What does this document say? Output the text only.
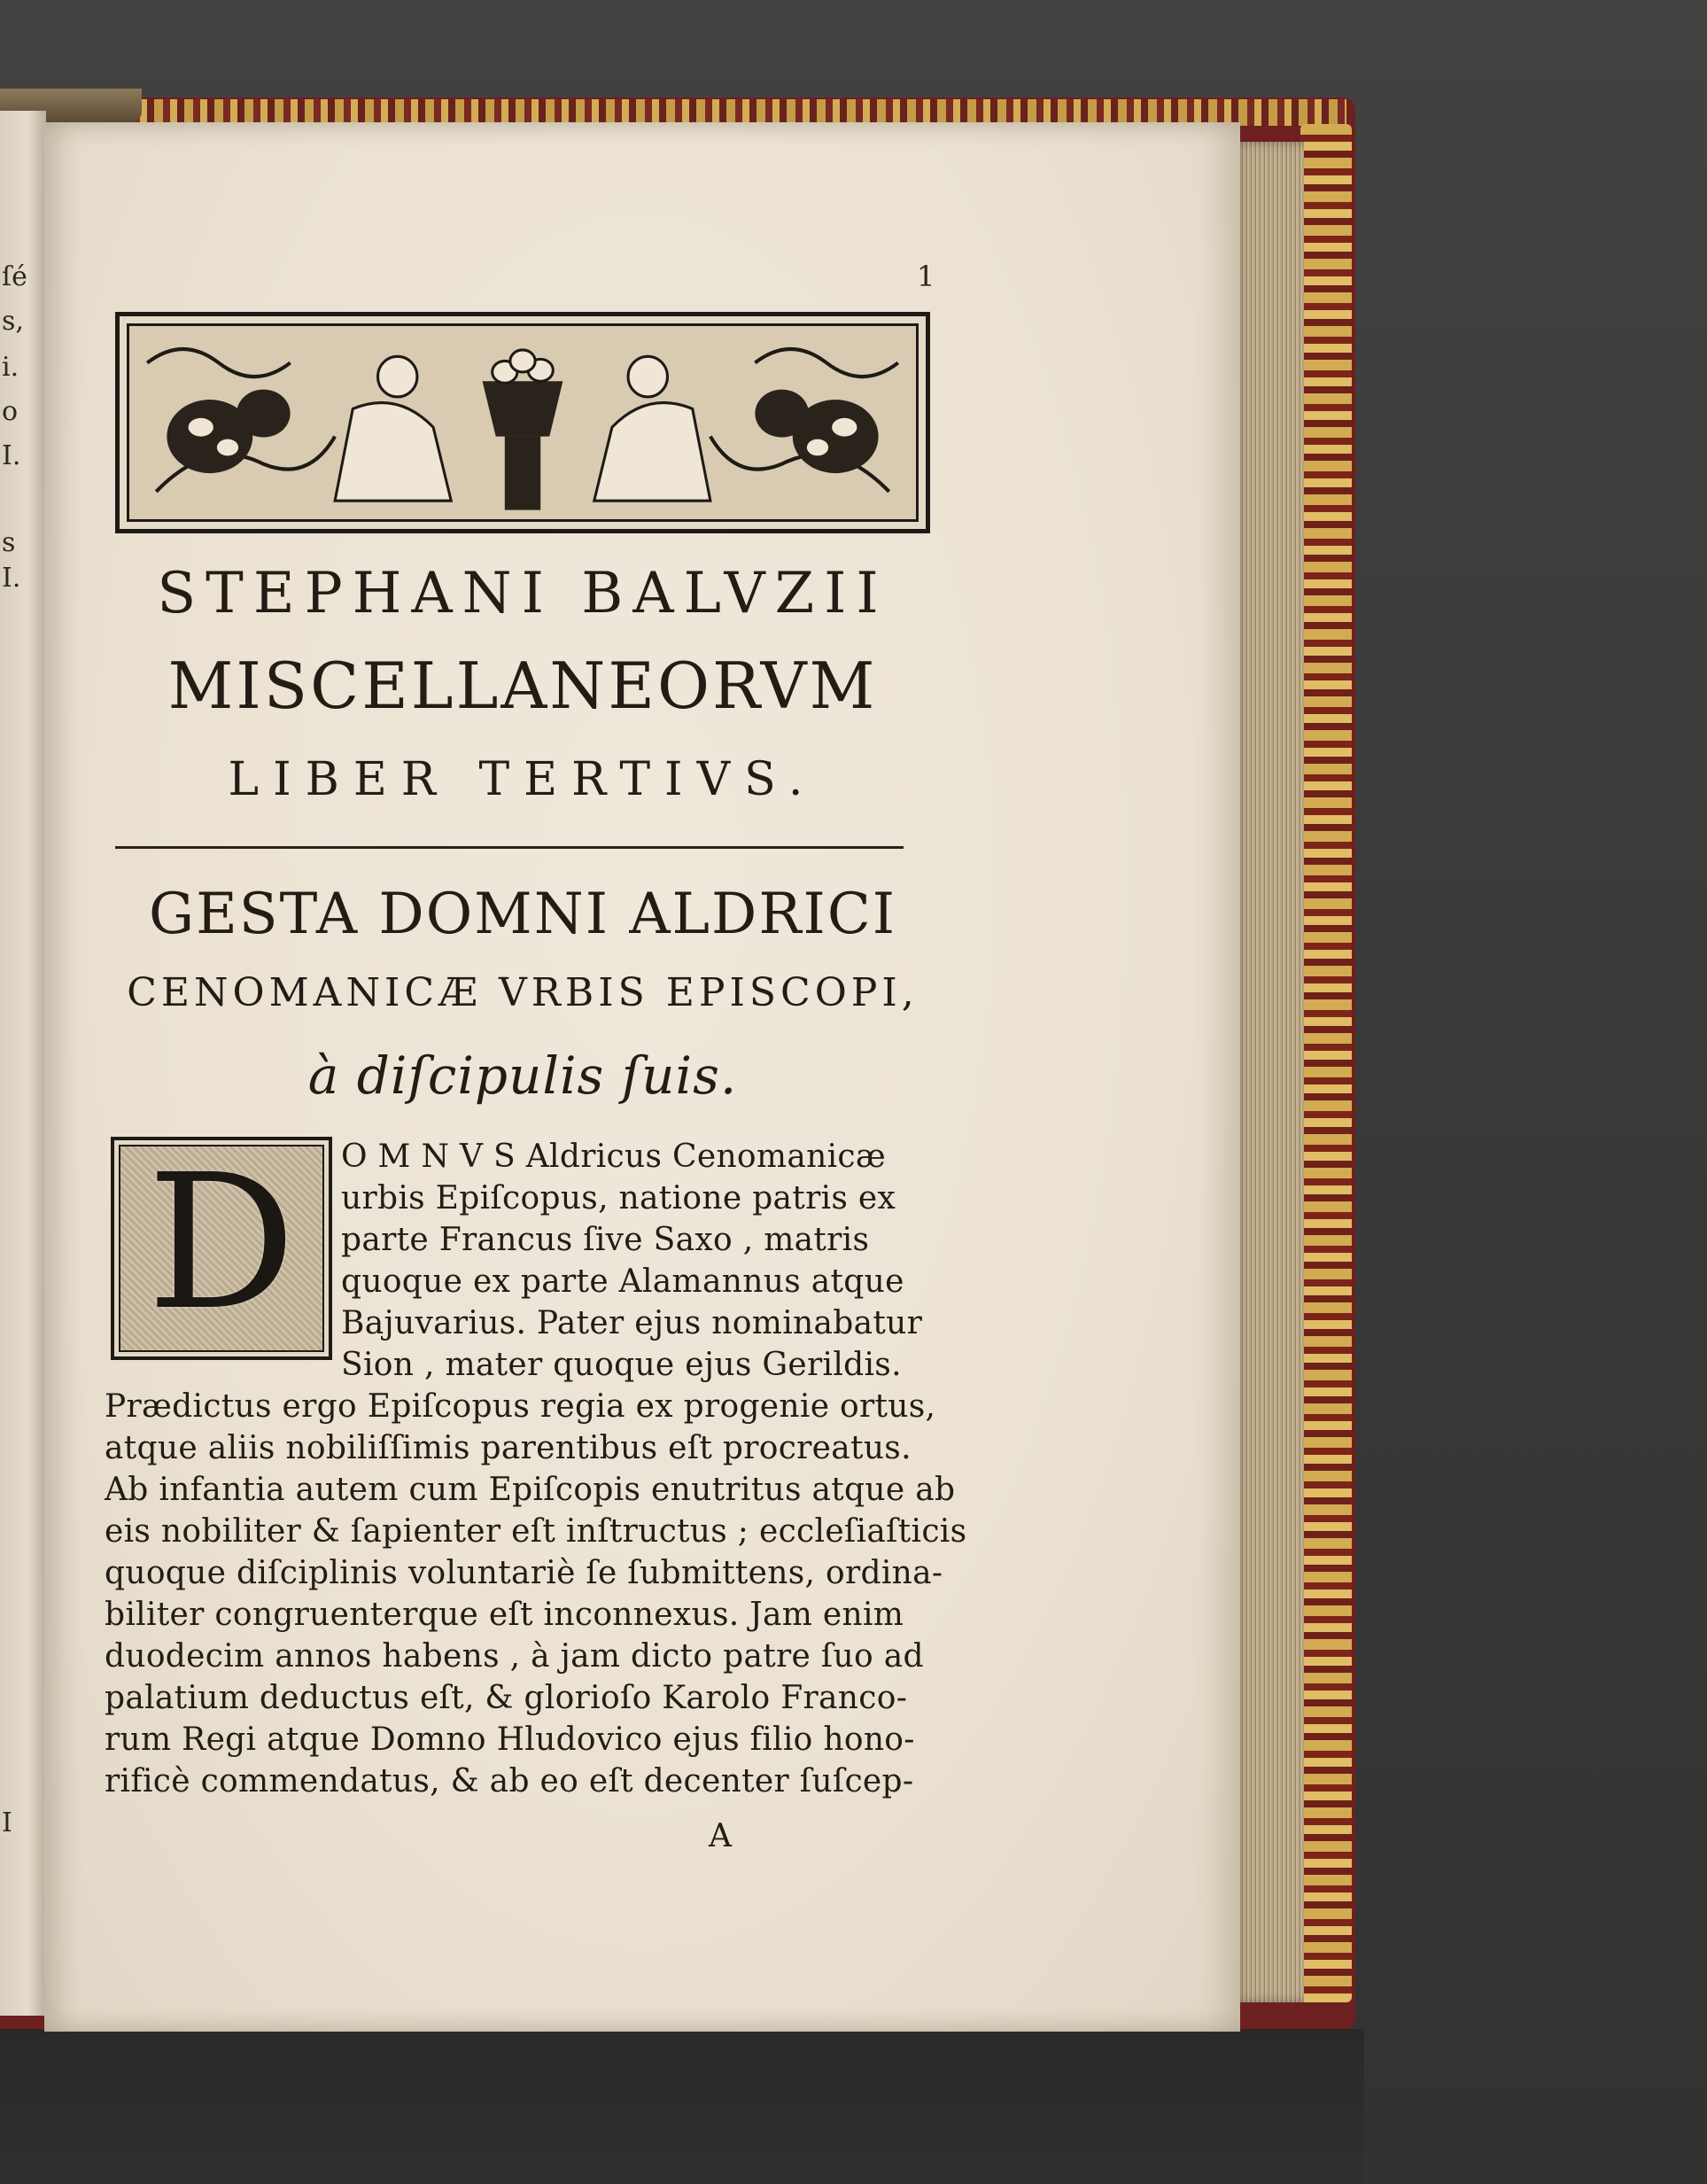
ſé
s,
i.
o
I.
s
I.
I
1
STEPHANI BALVZII
MISCELLANEORVM
LIBER TERTIVS.
GESTA DOMNI ALDRICI
CENOMANICÆ VRBIS EPISCOPI,
à diſcipulis ſuis.
D	O M N V S Aldricus Cenomanicæ
urbis Epiſcopus, natione patris ex
parte Francus ſive Saxo , matris
quoque ex parte Alamannus atque
Bajuvarius. Pater ejus nominabatur
Sion , mater quoque ejus Gerildis.
Prædictus ergo Epiſcopus regia ex progenie ortus,
atque aliis nobiliſſimis parentibus eſt procreatus.
Ab infantia autem cum Epiſcopis enutritus atque ab
eis nobiliter & ſapienter eſt inſtructus ; eccleſiaſticis
quoque diſciplinis voluntariè ſe ſubmittens, ordina-
biliter congruenterque eſt inconnexus. Jam enim
duodecim annos habens , à jam dicto patre ſuo ad
palatium deductus eſt, & glorioſo Karolo Franco-
rum Regi atque Domno Hludovico ejus filio hono-
rificè commendatus, & ab eo eſt decenter ſuſcep-
A
